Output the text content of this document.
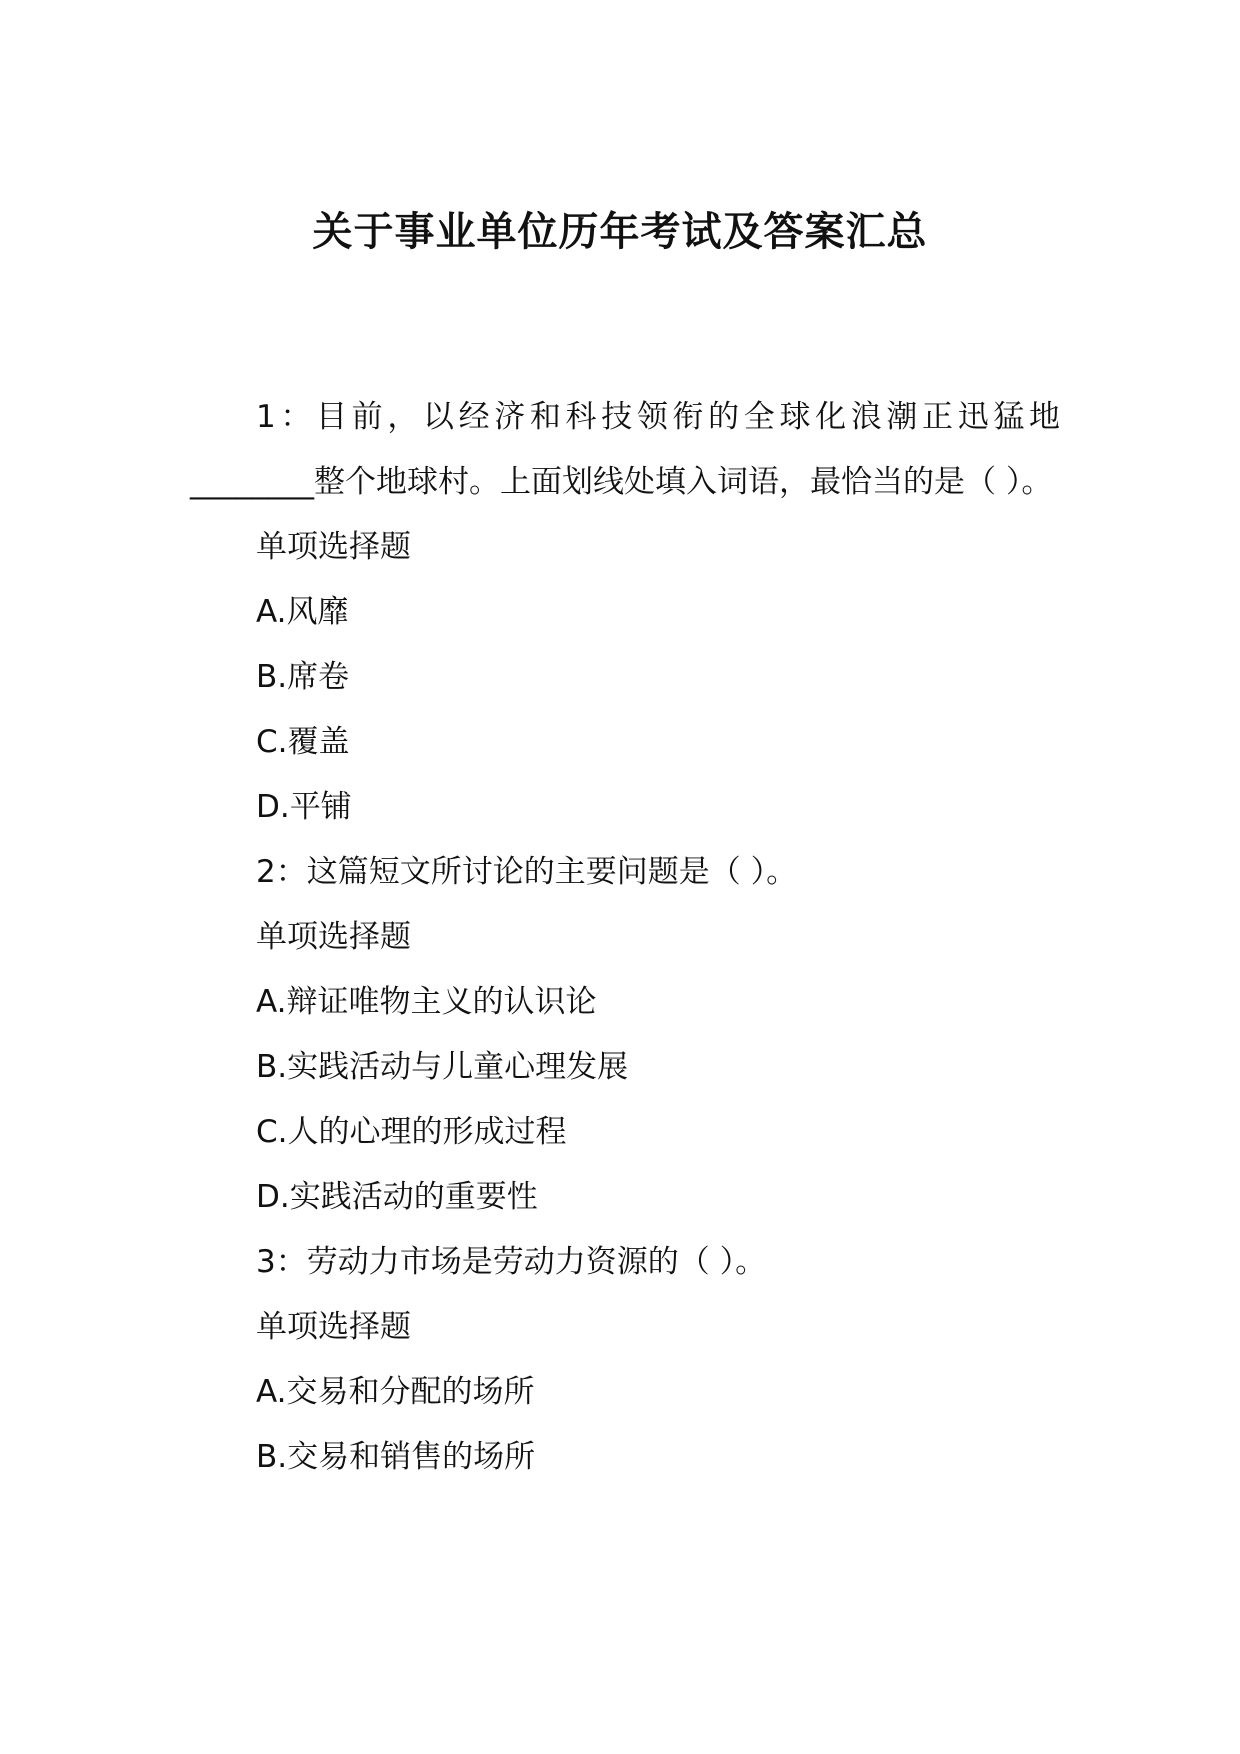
关于事业单位历年考试及答案汇总

1：目前，以经济和科技领衔的全球化浪潮正迅猛地________整个地球村。上面划线处填入词语，最恰当的是（ ）。

单项选择题

A.风靡

B.席卷

C.覆盖

D.平铺

2：这篇短文所讨论的主要问题是（ ）。

单项选择题

A.辩证唯物主义的认识论

B.实践活动与儿童心理发展

C.人的心理的形成过程

D.实践活动的重要性

3：劳动力市场是劳动力资源的（ ）。

单项选择题

A.交易和分配的场所

B.交易和销售的场所
